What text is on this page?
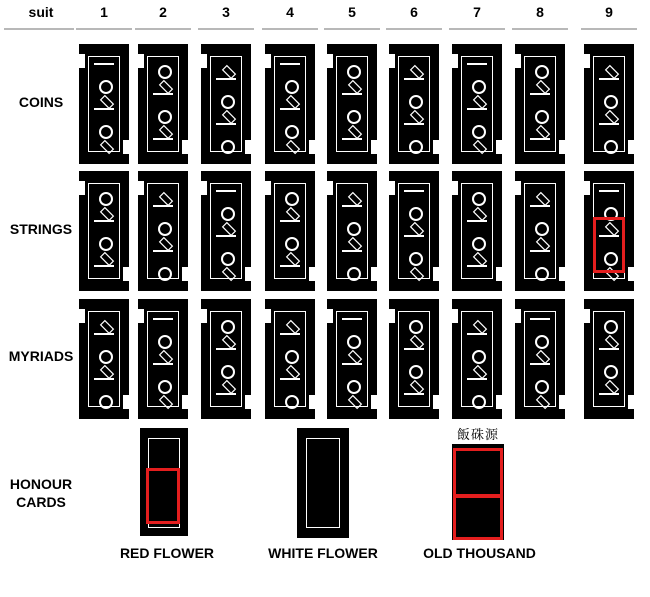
suit	1	2	3	4	5	6	7	8	9
COINS
STRINGS
MYRIADS
HONOUR
CARDS
RED FLOWER	WHITE FLOWER
飯硃源
OLD THOUSAND
